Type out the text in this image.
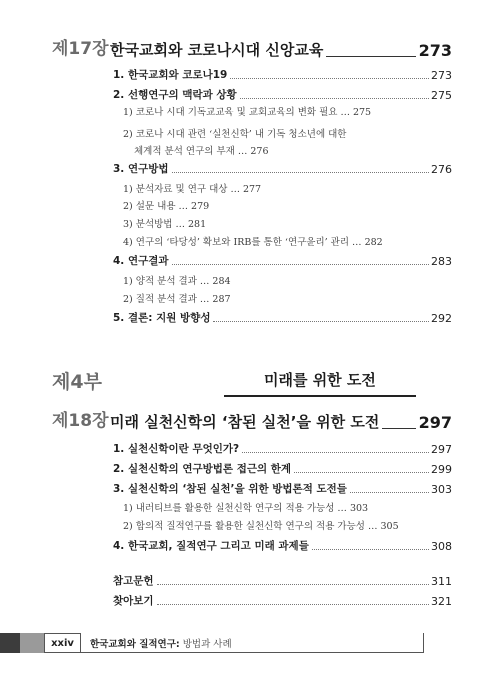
제17장 한국교회와 코로나시대 신앙교육	273
1. 한국교회와 코로나19	273
2. 선행연구의 맥락과 상황	275
1) 코로나 시대 기독교교육 및 교회교육의 변화 필요 … 275
2) 코로나 시대 관련 ‘실천신학’ 내 기독 청소년에 대한
체계적 분석 연구의 부재 … 276
3. 연구방법	276
1) 분석자료 및 연구 대상 … 277
2) 설문 내용 … 279
3) 분석방법 … 281
4) 연구의 ‘타당성’ 확보와 IRB를 통한 ‘연구윤리’ 관리 … 282
4. 연구결과	283
1) 양적 분석 결과 … 284
2) 질적 분석 결과 … 287
5. 결론: 지원 방향성	292
제4부	미래를 위한 도전
제18장 미래 실천신학의 ‘참된 실천’을 위한 도전 297
1. 실천신학이란 무엇인가?	297
2. 실천신학의 연구방법론 접근의 한계	299
3. 실천신학의 ‘참된 실천’을 위한 방법론적 도전들	303
1) 내러티브를 활용한 실천신학 연구의 적용 가능성 … 303
2) 합의적 질적연구를 활용한 실천신학 연구의 적용 가능성 … 305
4. 한국교회, 질적연구 그리고 미래 과제들	308
참고문헌	311
찾아보기	321
xxiv	한국교회와 질적연구: 방법과 사례
